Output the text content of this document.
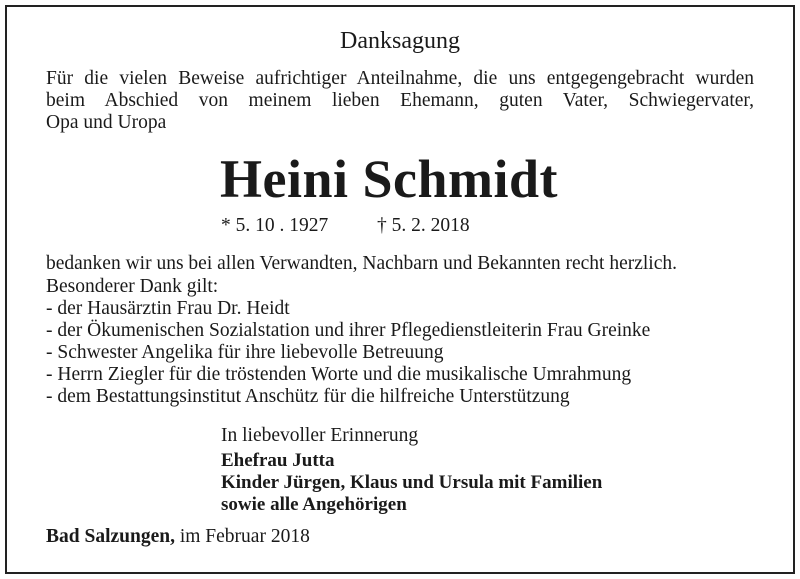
Danksagung
Für die vielen Beweise aufrichtiger Anteilnahme, die uns entgegengebracht wurden
beim Abschied von meinem lieben Ehemann, guten Vater, Schwiegervater,
Opa und Uropa
Heini Schmidt
* 5. 10 . 1927	† 5. 2. 2018
bedanken wir uns bei allen Verwandten, Nachbarn und Bekannten recht herzlich.
Besonderer Dank gilt:
- der Hausärztin Frau Dr. Heidt
- der Ökumenischen Sozialstation und ihrer Pflegedienstleiterin Frau Greinke
- Schwester Angelika für ihre liebevolle Betreuung
- Herrn Ziegler für die tröstenden Worte und die musikalische Umrahmung
- dem Bestattungsinstitut Anschütz für die hilfreiche Unterstützung
In liebevoller Erinnerung
Ehefrau Jutta
Kinder Jürgen, Klaus und Ursula mit Familien
sowie alle Angehörigen
Bad Salzungen, im Februar 2018
